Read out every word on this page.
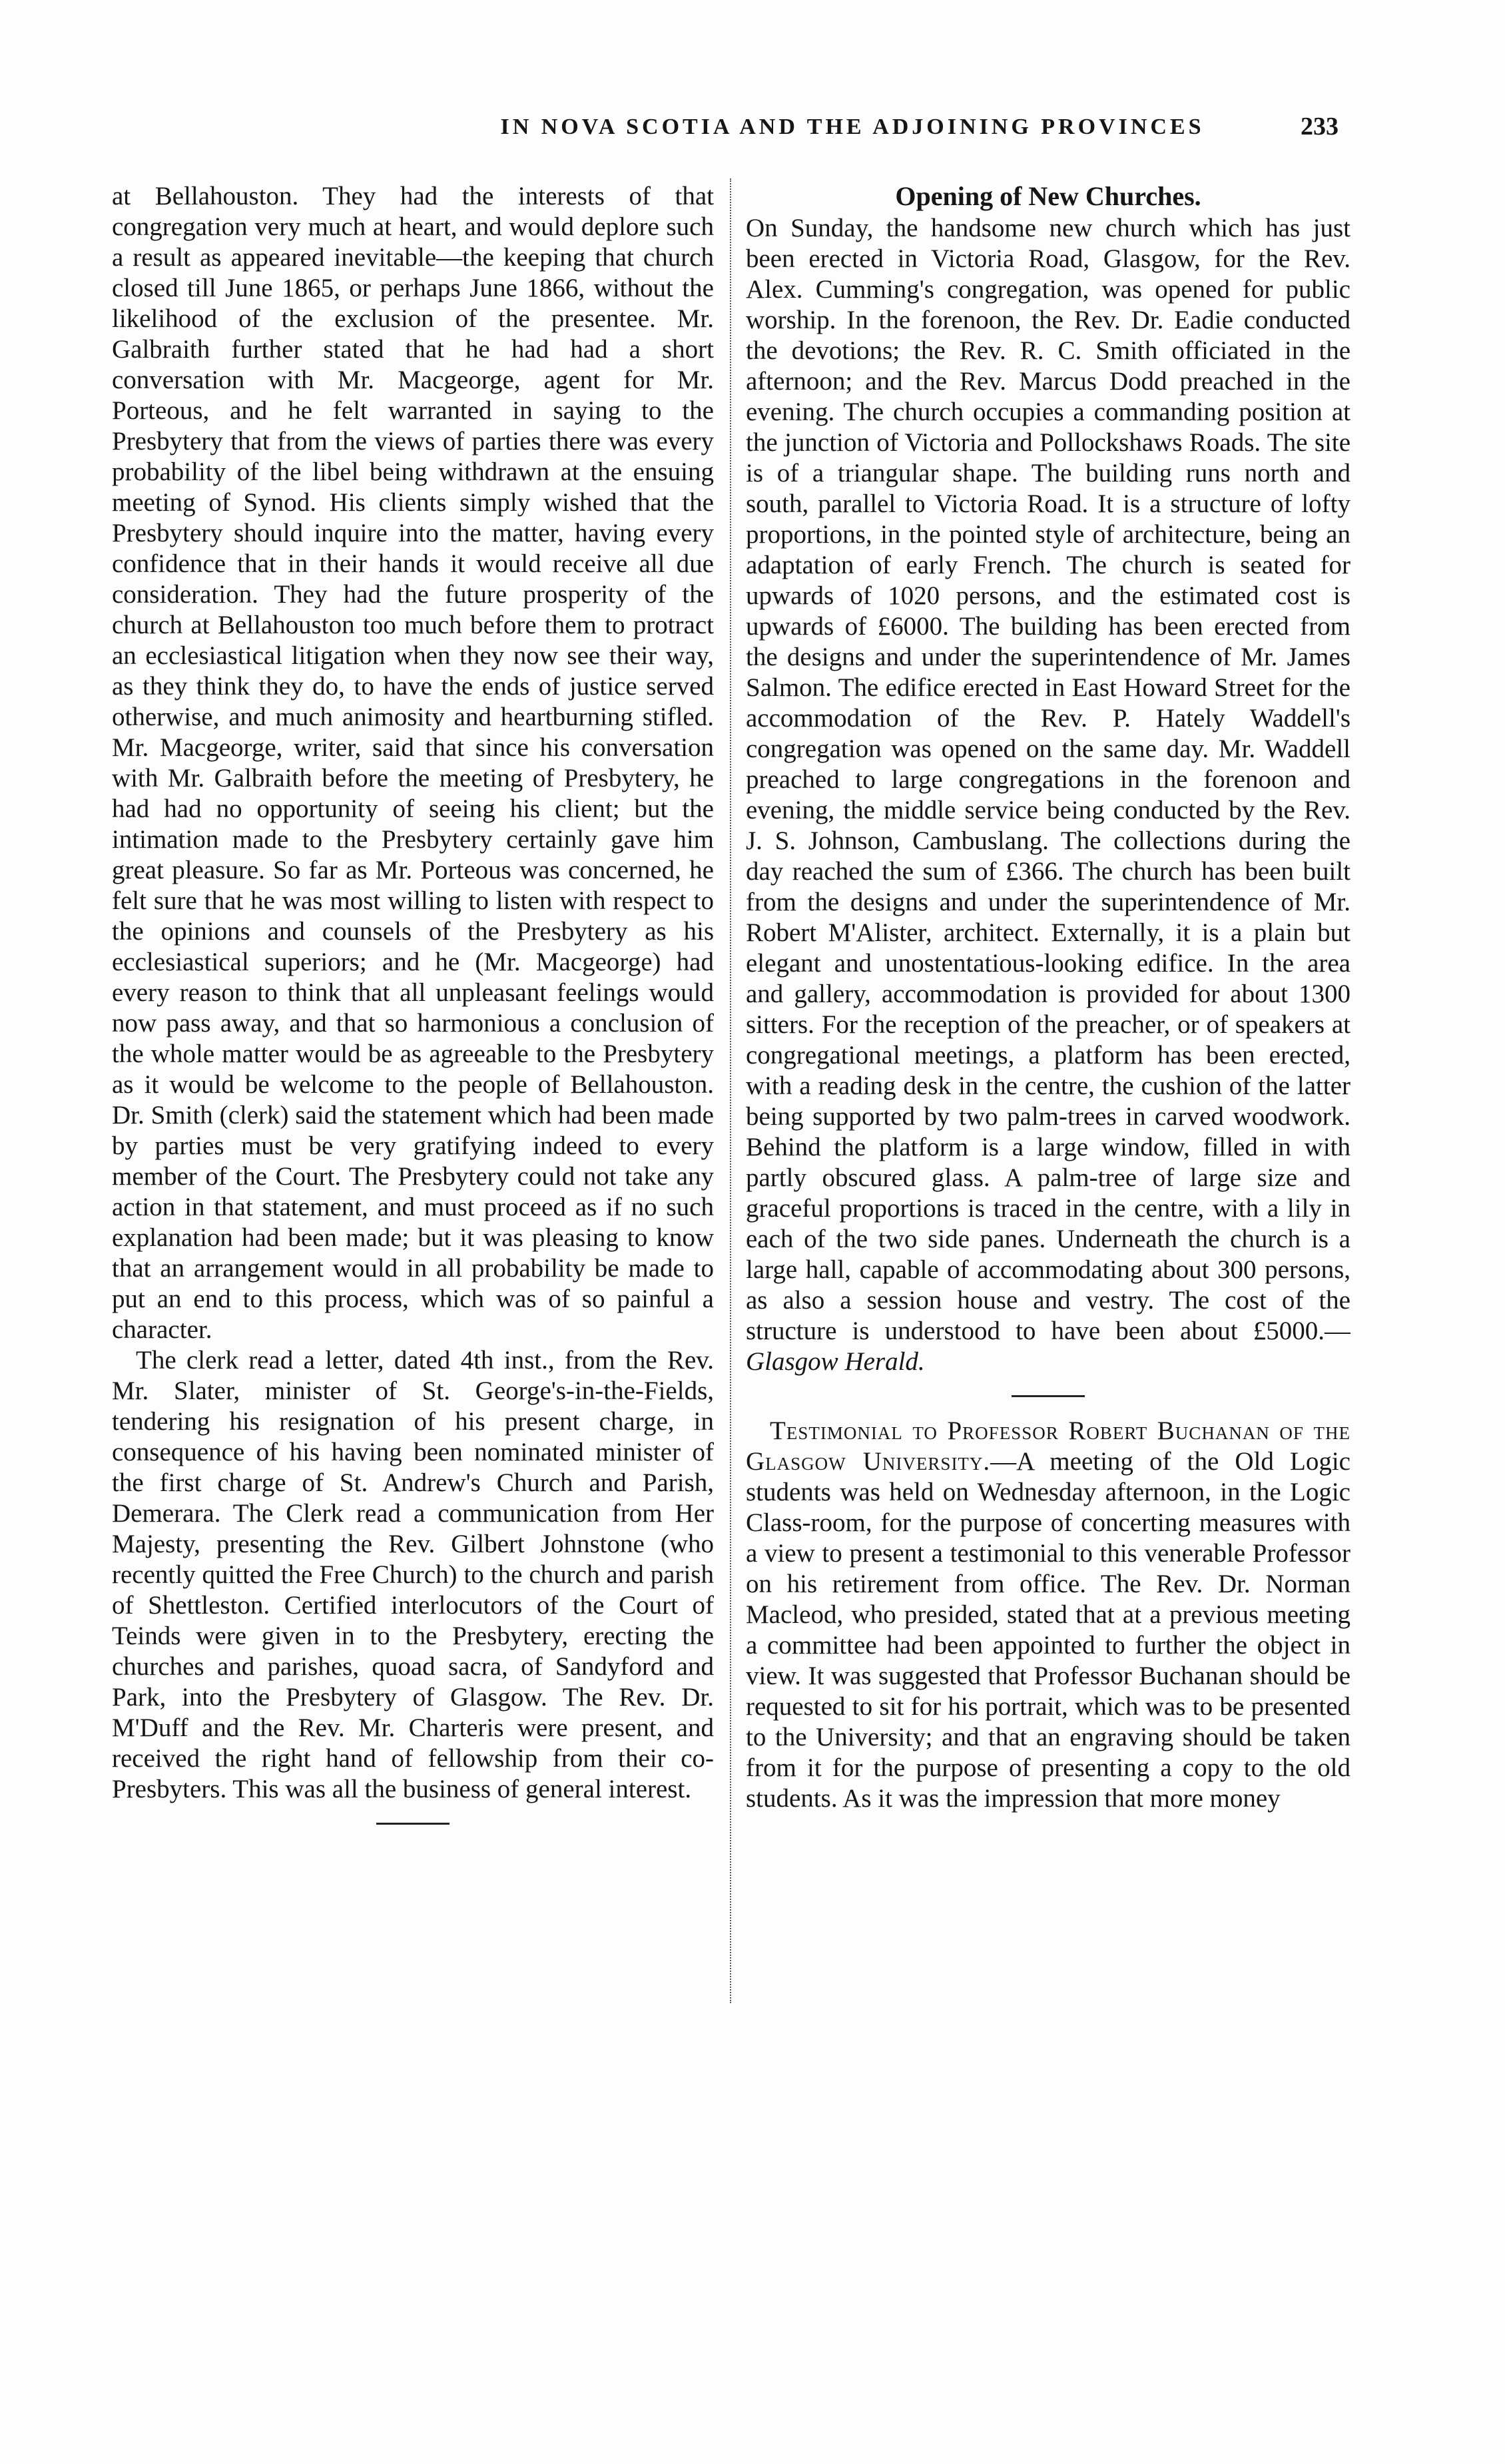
IN NOVA SCOTIA AND THE ADJOINING PROVINCES	233

at Bellahouston. They had the interests of that congregation very much at heart, and would deplore such a result as appeared inevitable—the keeping that church closed till June 1865, or perhaps June 1866, without the likelihood of the exclusion of the presentee. Mr. Galbraith further stated that he had had a short conversation with Mr. Macgeorge, agent for Mr. Porteous, and he felt warranted in saying to the Presbytery that from the views of parties there was every probability of the libel being withdrawn at the ensuing meeting of Synod. His clients simply wished that the Presbytery should inquire into the matter, having every confidence that in their hands it would receive all due consideration. They had the future prosperity of the church at Bellahouston too much before them to protract an ecclesiastical litigation when they now see their way, as they think they do, to have the ends of justice served otherwise, and much animosity and heartburning stifled. Mr. Macgeorge, writer, said that since his conversation with Mr. Galbraith before the meeting of Presbytery, he had had no opportunity of seeing his client; but the intimation made to the Presbytery certainly gave him great pleasure. So far as Mr. Porteous was concerned, he felt sure that he was most willing to listen with respect to the opinions and counsels of the Presbytery as his ecclesiastical superiors; and he (Mr. Macgeorge) had every reason to think that all unpleasant feelings would now pass away, and that so harmonious a conclusion of the whole matter would be as agreeable to the Presbytery as it would be welcome to the people of Bellahouston. Dr. Smith (clerk) said the statement which had been made by parties must be very gratifying indeed to every member of the Court. The Presbytery could not take any action in that statement, and must proceed as if no such explanation had been made; but it was pleasing to know that an arrangement would in all probability be made to put an end to this process, which was of so painful a character.

The clerk read a letter, dated 4th inst., from the Rev. Mr. Slater, minister of St. George's-in-the-Fields, tendering his resignation of his present charge, in consequence of his having been nominated minister of the first charge of St. Andrew's Church and Parish, Demerara. The Clerk read a communication from Her Majesty, presenting the Rev. Gilbert Johnstone (who recently quitted the Free Church) to the church and parish of Shettleston. Certified interlocutors of the Court of Teinds were given in to the Presbytery, erecting the churches and parishes, quoad sacra, of Sandyford and Park, into the Presbytery of Glasgow. The Rev. Dr. M'Duff and the Rev. Mr. Charteris were present, and received the right hand of fellowship from their co-Presbyters. This was all the business of general interest.

Opening of New Churches.

On Sunday, the handsome new church which has just been erected in Victoria Road, Glasgow, for the Rev. Alex. Cumming's congregation, was opened for public worship. In the forenoon, the Rev. Dr. Eadie conducted the devotions; the Rev. R. C. Smith officiated in the afternoon; and the Rev. Marcus Dodd preached in the evening. The church occupies a commanding position at the junction of Victoria and Pollockshaws Roads. The site is of a triangular shape. The building runs north and south, parallel to Victoria Road. It is a structure of lofty proportions, in the pointed style of architecture, being an adaptation of early French. The church is seated for upwards of 1020 persons, and the estimated cost is upwards of £6000. The building has been erected from the designs and under the superintendence of Mr. James Salmon. The edifice erected in East Howard Street for the accommodation of the Rev. P. Hately Waddell's congregation was opened on the same day. Mr. Waddell preached to large congregations in the forenoon and evening, the middle service being conducted by the Rev. J. S. Johnson, Cambuslang. The collections during the day reached the sum of £366. The church has been built from the designs and under the superintendence of Mr. Robert M'Alister, architect. Externally, it is a plain but elegant and unostentatious-looking edifice. In the area and gallery, accommodation is provided for about 1300 sitters. For the reception of the preacher, or of speakers at congregational meetings, a platform has been erected, with a reading desk in the centre, the cushion of the latter being supported by two palm-trees in carved woodwork. Behind the platform is a large window, filled in with partly obscured glass. A palm-tree of large size and graceful proportions is traced in the centre, with a lily in each of the two side panes. Underneath the church is a large hall, capable of accommodating about 300 persons, as also a session house and vestry. The cost of the structure is understood to have been about £5000.— Glasgow Herald.

Testimonial to Professor Robert Buchanan of the Glasgow University.—A meeting of the Old Logic students was held on Wednesday afternoon, in the Logic Class-room, for the purpose of concerting measures with a view to present a testimonial to this venerable Professor on his retirement from office. The Rev. Dr. Norman Macleod, who presided, stated that at a previous meeting a committee had been appointed to further the object in view. It was suggested that Professor Buchanan should be requested to sit for his portrait, which was to be presented to the University; and that an engraving should be taken from it for the purpose of presenting a copy to the old students. As it was the impression that more money
